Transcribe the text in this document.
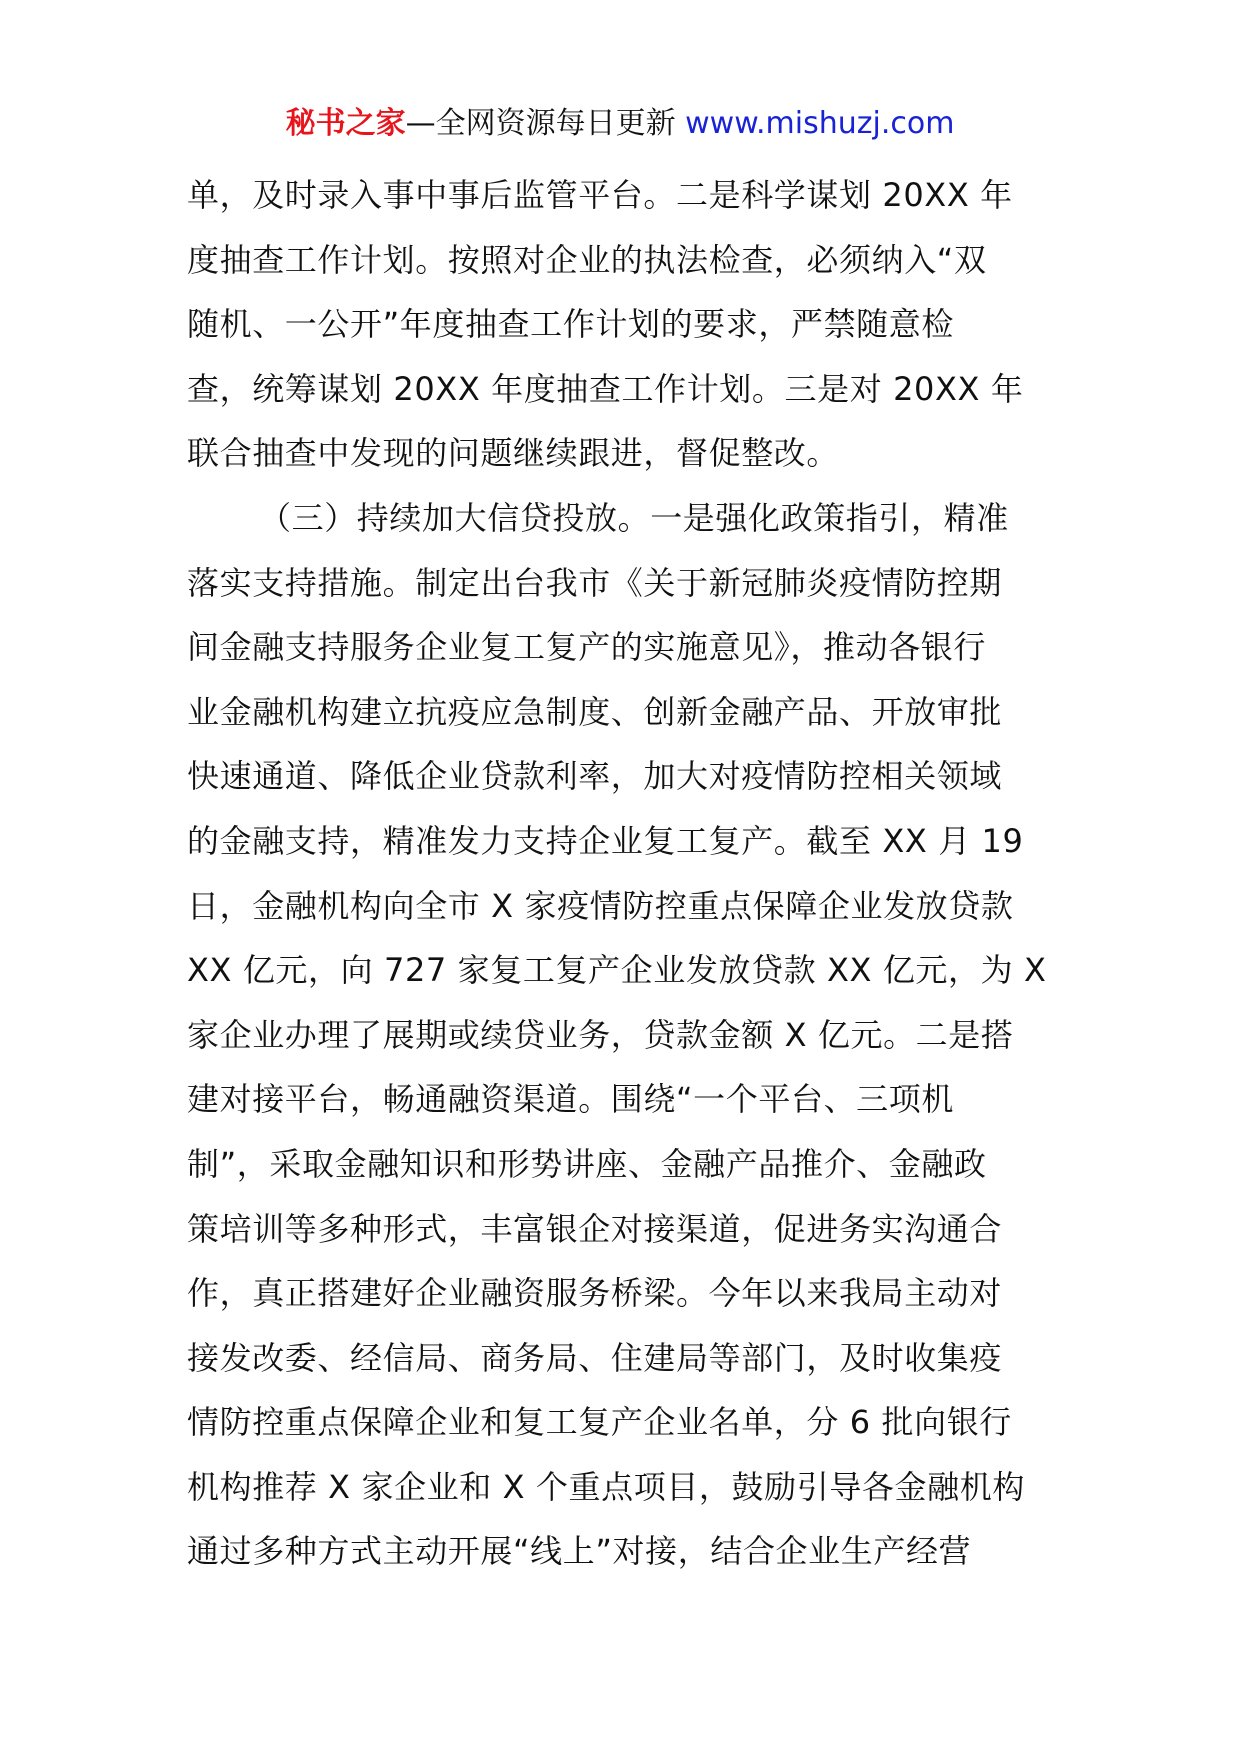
秘书之家—全网资源每日更新 www.mishuzj.com
单，及时录入事中事后监管平台。二是科学谋划 20XX 年
度抽查工作计划。按照对企业的执法检查，必须纳入“双
随机、一公开”年度抽查工作计划的要求，严禁随意检
查，统筹谋划 20XX 年度抽查工作计划。三是对 20XX 年
联合抽查中发现的问题继续跟进，督促整改。
（三）持续加大信贷投放。一是强化政策指引，精准
落实支持措施。制定出台我市《关于新冠肺炎疫情防控期
间金融支持服务企业复工复产的实施意见》，推动各银行
业金融机构建立抗疫应急制度、创新金融产品、开放审批
快速通道、降低企业贷款利率，加大对疫情防控相关领域
的金融支持，精准发力支持企业复工复产。截至 XX 月 19
日，金融机构向全市 X 家疫情防控重点保障企业发放贷款
XX 亿元，向 727 家复工复产企业发放贷款 XX 亿元，为 X
家企业办理了展期或续贷业务，贷款金额 X 亿元。二是搭
建对接平台，畅通融资渠道。围绕“一个平台、三项机
制”，采取金融知识和形势讲座、金融产品推介、金融政
策培训等多种形式，丰富银企对接渠道，促进务实沟通合
作，真正搭建好企业融资服务桥梁。今年以来我局主动对
接发改委、经信局、商务局、住建局等部门，及时收集疫
情防控重点保障企业和复工复产企业名单，分 6 批向银行
机构推荐 X 家企业和 X 个重点项目，鼓励引导各金融机构
通过多种方式主动开展“线上”对接，结合企业生产经营
